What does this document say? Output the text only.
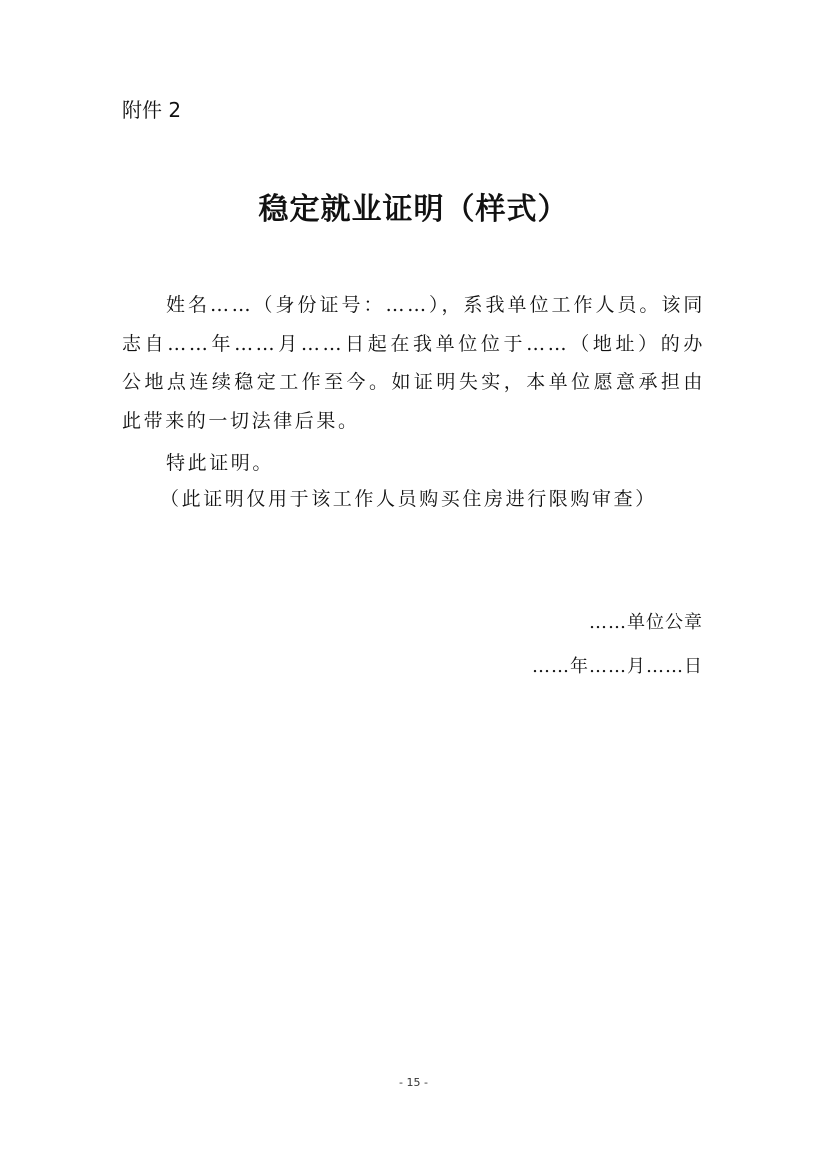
附件 2
稳定就业证明（样式）

姓名……（身份证号：……），系我单位工作人员。该同志自……年……月……日起在我单位位于……（地址）的办公地点连续稳定工作至今。如证明失实，本单位愿意承担由此带来的一切法律后果。

特此证明。

（此证明仅用于该工作人员购买住房进行限购审查）

……单位公章

……年……月……日

- 15 -
